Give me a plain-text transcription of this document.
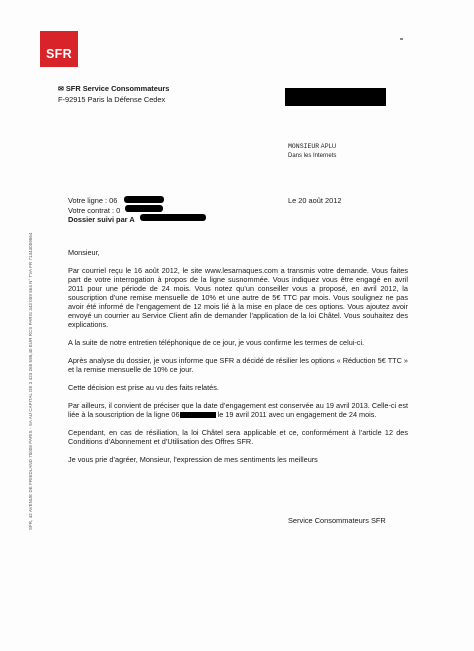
SFR
✉ SFR Service Consommateurs
F-92915 Paris la Défense Cedex
MONSIEUR APLU
Dans les Internets
Votre ligne : 06
Votre contrat : 0
Dossier suivi par A
Le 20 août 2012

Monsieur,

Par courriel reçu le 16 août 2012, le site www.lesarnaques.com a transmis votre demande. Vous faites part de votre interrogation à propos de la ligne susnommée. Vous indiquez vous être engagé en avril 2011 pour une période de 24 mois. Vous notez qu’un conseiller vous a proposé, en avril 2012, la souscription d’une remise mensuelle de 10% et une autre de 5€ TTC par mois. Vous soulignez ne pas avoir été informé de l’engagement de 12 mois lié à la mise en place de ces options. Vous ajoutez avoir envoyé un courrier au Service Client afin de demander l’application de la loi Châtel. Vous souhaitez des explications.

A la suite de notre entretien téléphonique de ce jour, je vous confirme les termes de celui-ci.

Après analyse du dossier, je vous informe que SFR a décidé de résilier les options « Réduction 5€ TTC » et la remise mensuelle de 10% ce jour.

Cette décision est prise au vu des faits relatés.

Par ailleurs, il convient de préciser que la date d’engagement est conservée au 19 avril 2013. Celle-ci est liée à la souscription de la ligne 06	le 19 avril 2011 avec un engagement de 24 mois.

Cependant, en cas de résiliation, la loi Châtel sera applicable et ce, conformément à l’article 12 des Conditions d’Abonnement et d’Utilisation des Offres SFR.

Je vous prie d’agréer, Monsieur, l’expression de mes sentiments les meilleurs

Service Consommateurs SFR
SFR, 42 AVENUE DE FRIEDLAND 75008 PARIS - SA AU CAPITAL DE 3 423 265 598,40 EUR RCS PARIS 343 059 564 N° TVA FR 71343059564
